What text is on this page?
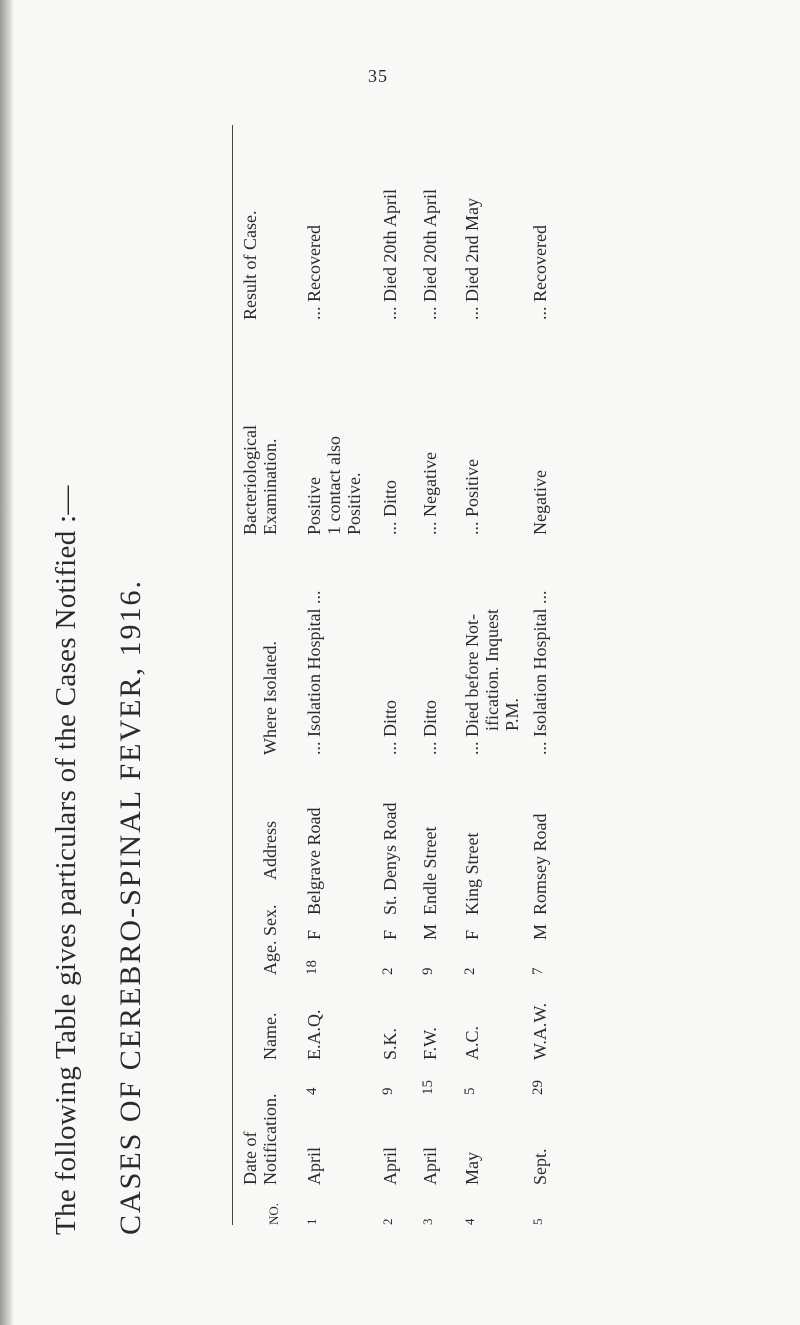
35
The following Table gives particulars of the Cases Notified :— CASES OF CEREBRO-SPINAL FEVER, 1916.	NO.
Date of Notification.
Name.
Age. Sex.
Address
Where Isolated.
Bacteriological Examination.
Result of Case.
1
April
4
E.A.Q.
18
F
Belgrave Road
... Isolation Hospital ...
Positive 1 contact also Positive.
... Recovered
2
April
9
S.K.
2
F
St. Denys Road
... Ditto
... Ditto
... Died 20th April
3
April
15
F.W.
9
M
Endle Street
... Ditto
... Negative
... Died 20th April
4
May
5
A.C.
2
F
King Street
... Died before Not- ification. Inquest P.M.
... Positive
... Died 2nd May
5
Sept.
29
W.A.W.
7
M
Romsey Road
... Isolation Hospital ...
Negative
... Recovered
